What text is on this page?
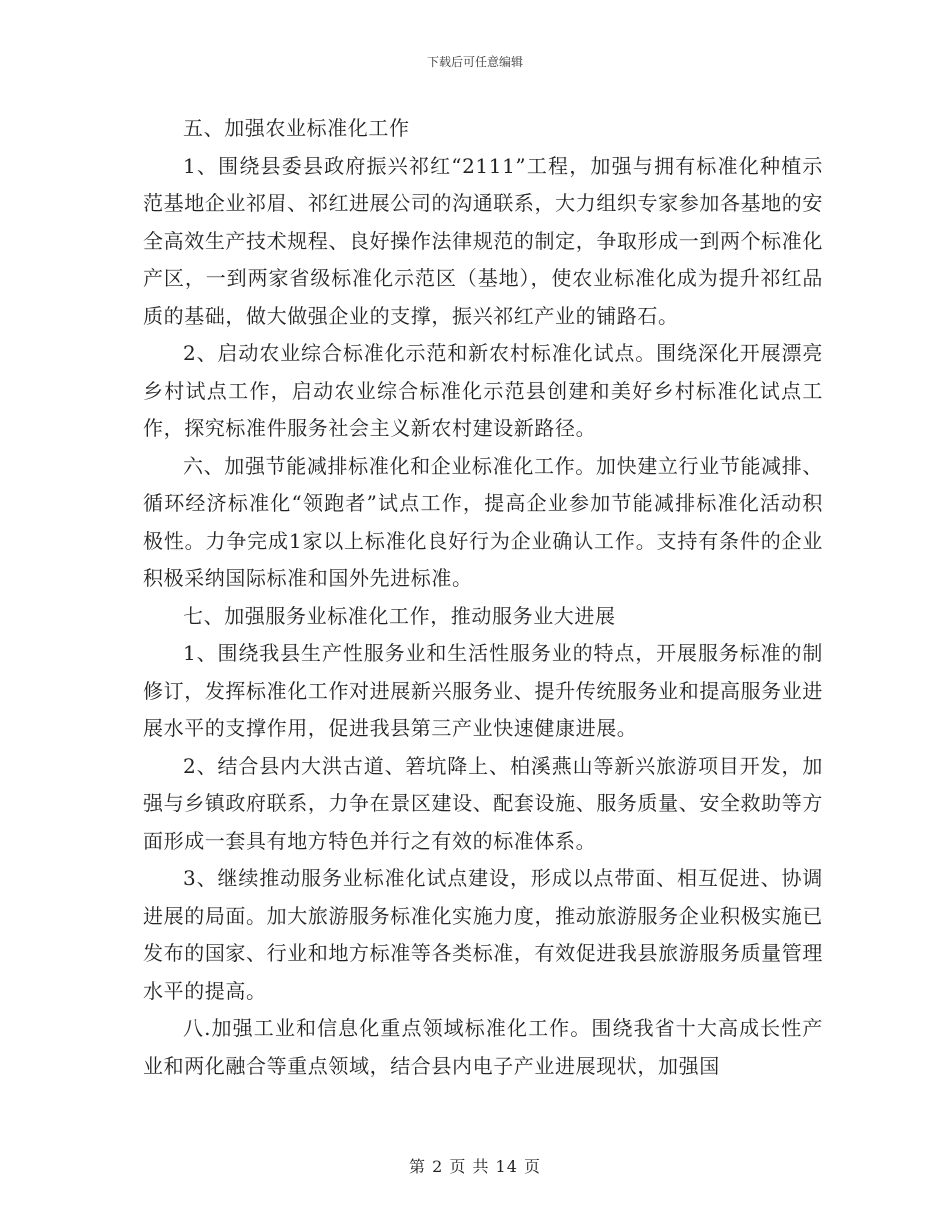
下载后可任意编辑

五、加强农业标准化工作

1、围绕县委县政府振兴祁红“2111”工程，加强与拥有标准化种植示范基地企业祁眉、祁红进展公司的沟通联系，大力组织专家参加各基地的安全高效生产技术规程、良好操作法律规范的制定，争取形成一到两个标准化产区，一到两家省级标准化示范区（基地），使农业标准化成为提升祁红品质的基础，做大做强企业的支撑，振兴祁红产业的铺路石。

2、启动农业综合标准化示范和新农村标准化试点。围绕深化开展漂亮乡村试点工作，启动农业综合标准化示范县创建和美好乡村标准化试点工作，探究标准件服务社会主义新农村建设新路径。

六、加强节能减排标准化和企业标准化工作。加快建立行业节能减排、循环经济标准化“领跑者”试点工作，提高企业参加节能减排标准化活动积极性。力争完成1家以上标准化良好行为企业确认工作。支持有条件的企业积极采纳国际标准和国外先进标准。

七、加强服务业标准化工作，推动服务业大进展

1、围绕我县生产性服务业和生活性服务业的特点，开展服务标准的制修订，发挥标准化工作对进展新兴服务业、提升传统服务业和提高服务业进展水平的支撑作用，促进我县第三产业快速健康进展。

2、结合县内大洪古道、箬坑降上、柏溪燕山等新兴旅游项目开发，加强与乡镇政府联系，力争在景区建设、配套设施、服务质量、安全救助等方面形成一套具有地方特色并行之有效的标准体系。

3、继续推动服务业标准化试点建设，形成以点带面、相互促进、协调进展的局面。加大旅游服务标准化实施力度，推动旅游服务企业积极实施已发布的国家、行业和地方标准等各类标准，有效促进我县旅游服务质量管理水平的提高。

八.加强工业和信息化重点领域标准化工作。围绕我省十大高成长性产业和两化融合等重点领域，结合县内电子产业进展现状，加强国

第 2 页 共 14 页
